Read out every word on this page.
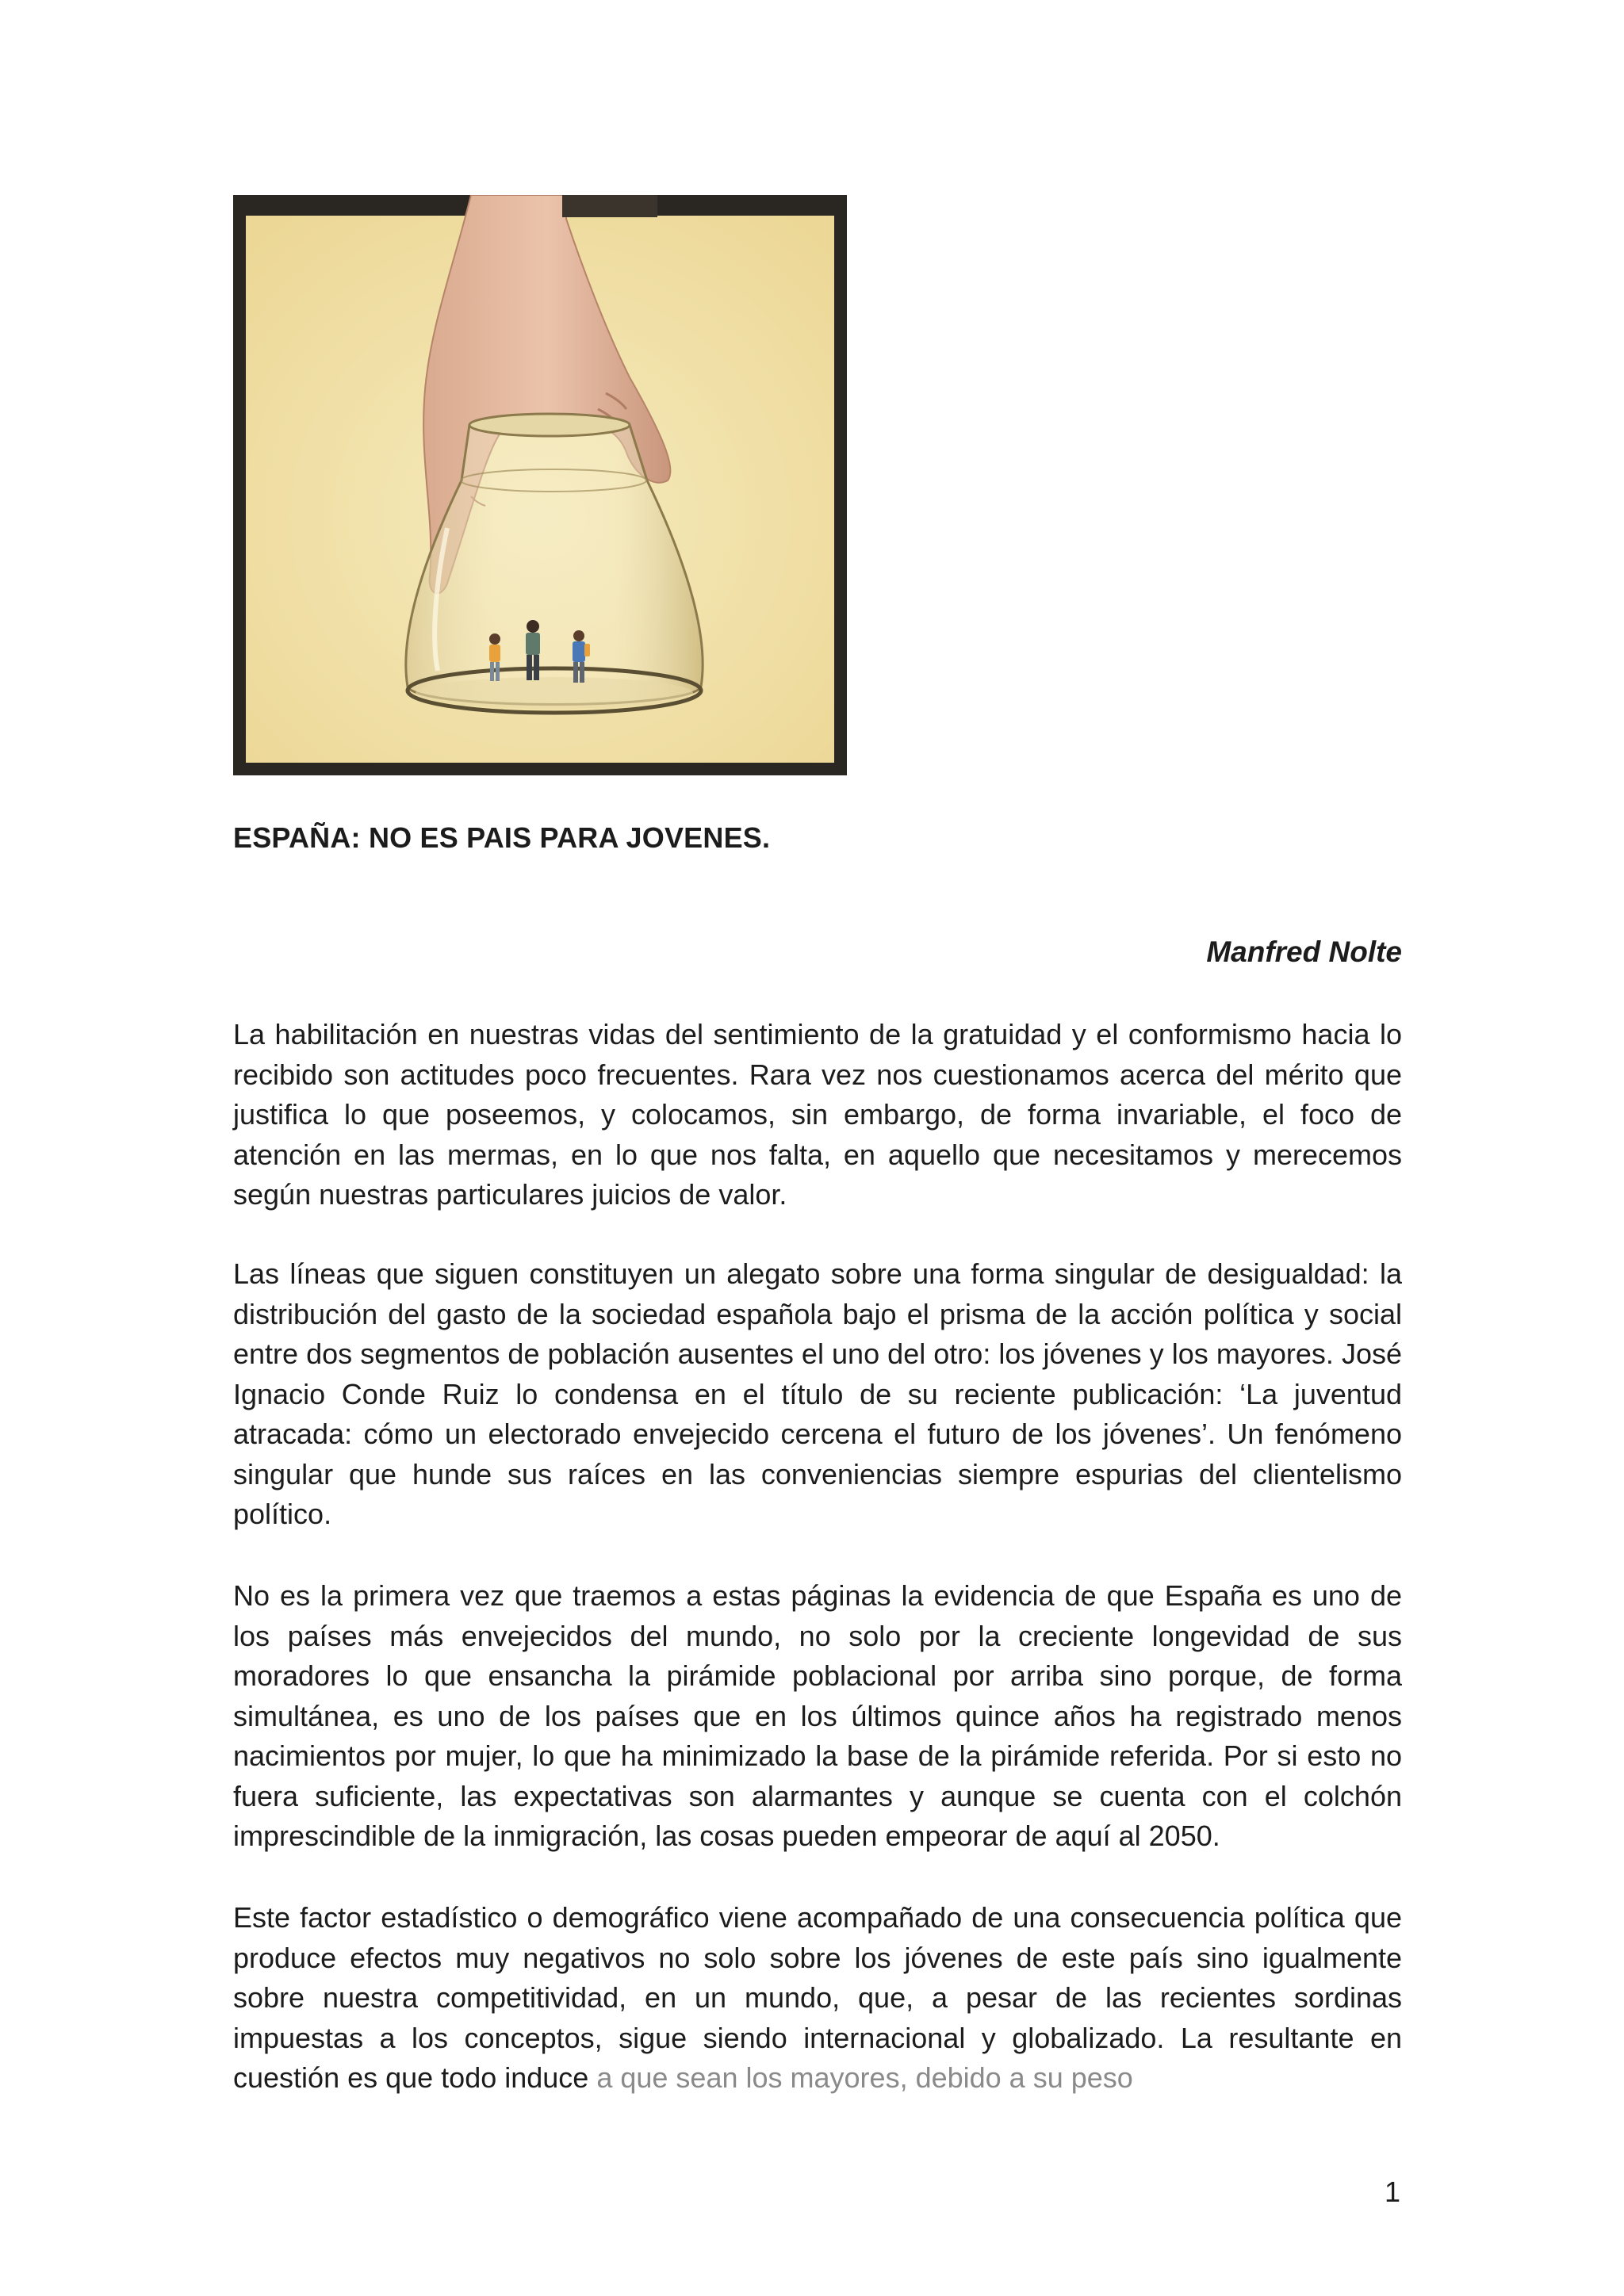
ESPAÑA: NO ES PAIS PARA JOVENES.

Manfred Nolte

La habilitación en nuestras vidas del sentimiento de la gratuidad y el conformismo hacia lo recibido son actitudes poco frecuentes. Rara vez nos cuestionamos acerca del mérito que justifica lo que poseemos, y colocamos, sin embargo, de forma invariable, el foco de atención en las mermas, en lo que nos falta, en aquello que necesitamos y merecemos según nuestras particulares juicios de valor.

Las líneas que siguen constituyen un alegato sobre una forma singular de desigualdad: la distribución del gasto de la sociedad española bajo el prisma de la acción política y social entre dos segmentos de población ausentes el uno del otro: los jóvenes y los mayores. José Ignacio Conde Ruiz lo condensa en el título de su reciente publicación: ‘La juventud atracada: cómo un electorado envejecido cercena el futuro de los jóvenes’. Un fenómeno singular que hunde sus raíces en las conveniencias siempre espurias del clientelismo político.

No es la primera vez que traemos a estas páginas la evidencia de que España es uno de los países más envejecidos del mundo, no solo por la creciente longevidad de sus moradores lo que ensancha la pirámide poblacional por arriba sino porque, de forma simultánea, es uno de los países que en los últimos quince años ha registrado menos nacimientos por mujer, lo que ha minimizado la base de la pirámide referida. Por si esto no fuera suficiente, las expectativas son alarmantes y aunque se cuenta con el colchón imprescindible de la inmigración, las cosas pueden empeorar de aquí al 2050.

Este factor estadístico o demográfico viene acompañado de una consecuencia política que produce efectos muy negativos no solo sobre los jóvenes de este país sino igualmente sobre nuestra competitividad, en un mundo, que, a pesar de las recientes sordinas impuestas a los conceptos, sigue siendo internacional y globalizado. La resultante en cuestión es que todo induce a que sean los mayores, debido a su peso

1
